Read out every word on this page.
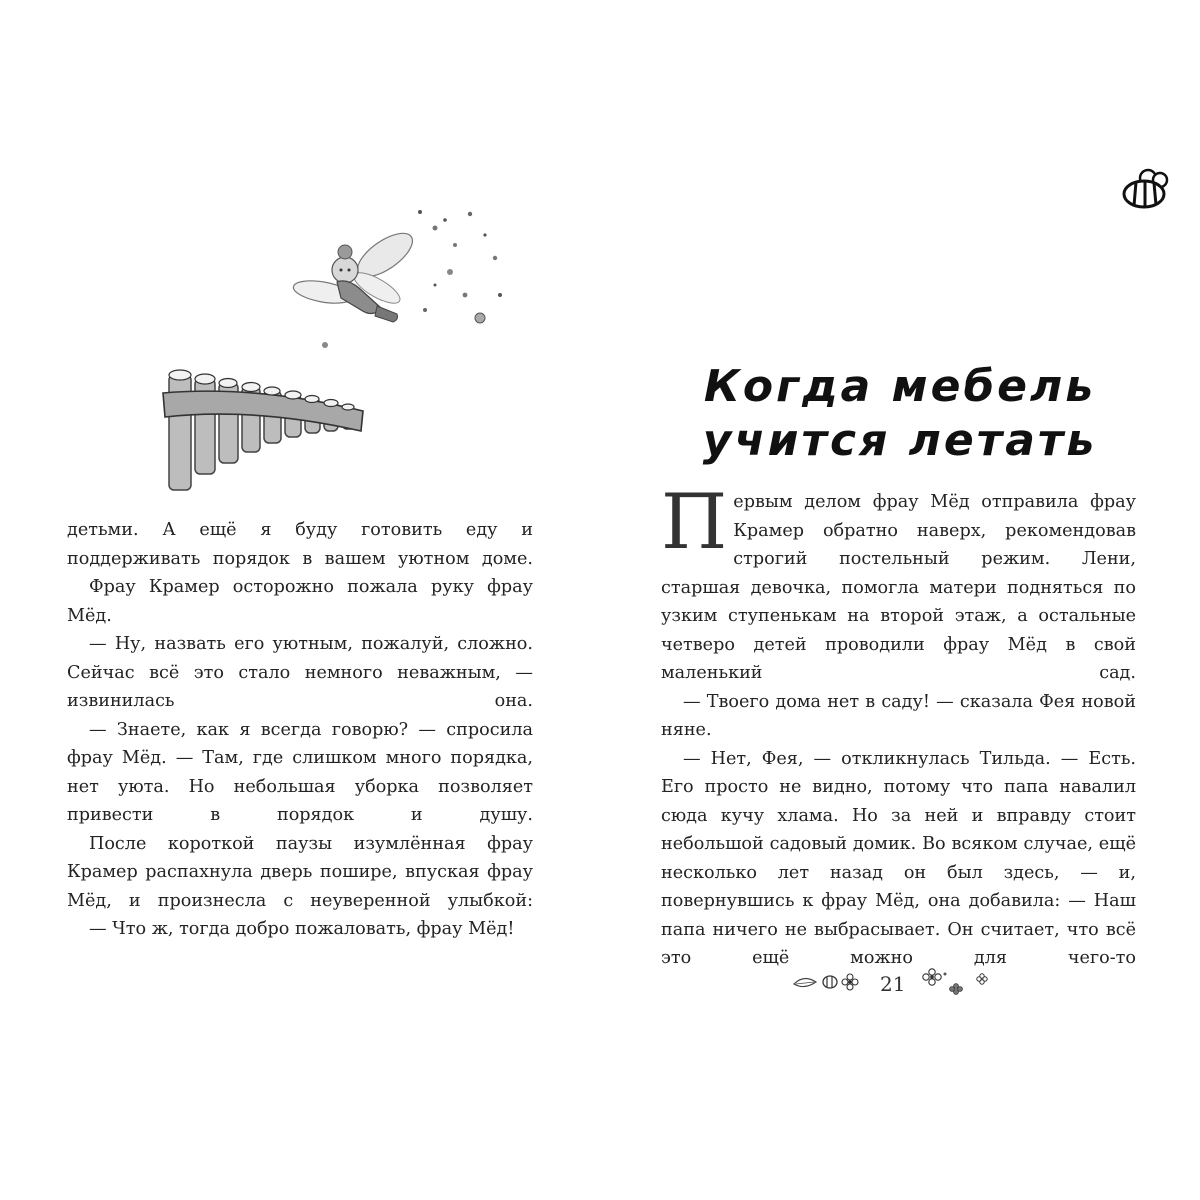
детьми. А ещё я буду готовить еду и поддерживать порядок в вашем уютном доме.

Фрау Крамер осторожно пожала руку фрау Мёд.

— Ну, назвать его уютным, пожалуй, сложно. Сейчас всё это стало немного неважным, — извинилась она.

— Знаете, как я всегда говорю? — спросила фрау Мёд. — Там, где слишком много порядка, нет уюта. Но небольшая уборка позволяет привести в порядок и душу.

После короткой паузы изумлённая фрау Крамер распахнула дверь пошире, впуская фрау Мёд, и произнесла с неуверенной улыбкой:

— Что ж, тогда добро пожаловать, фрау Мёд!

Когда мебель
учится летать

Первым делом фрау Мёд отправила фрау Крамер обратно наверх, рекомендовав строгий постельный режим. Лени, старшая девочка, помогла матери подняться по узким ступенькам на второй этаж, а остальные четверо детей проводили фрау Мёд в свой маленький сад.

— Твоего дома нет в саду! — сказала Фея новой няне.

— Нет, Фея, — откликнулась Тильда. — Есть. Его просто не видно, потому что папа навалил сюда кучу хлама. Но за ней и вправду стоит небольшой садовый домик. Во всяком случае, ещё несколько лет назад он был здесь, — и, повернувшись к фрау Мёд, она добавила: — Наш папа ничего не выбрасывает. Он считает, что всё это ещё можно для чего-то

21
